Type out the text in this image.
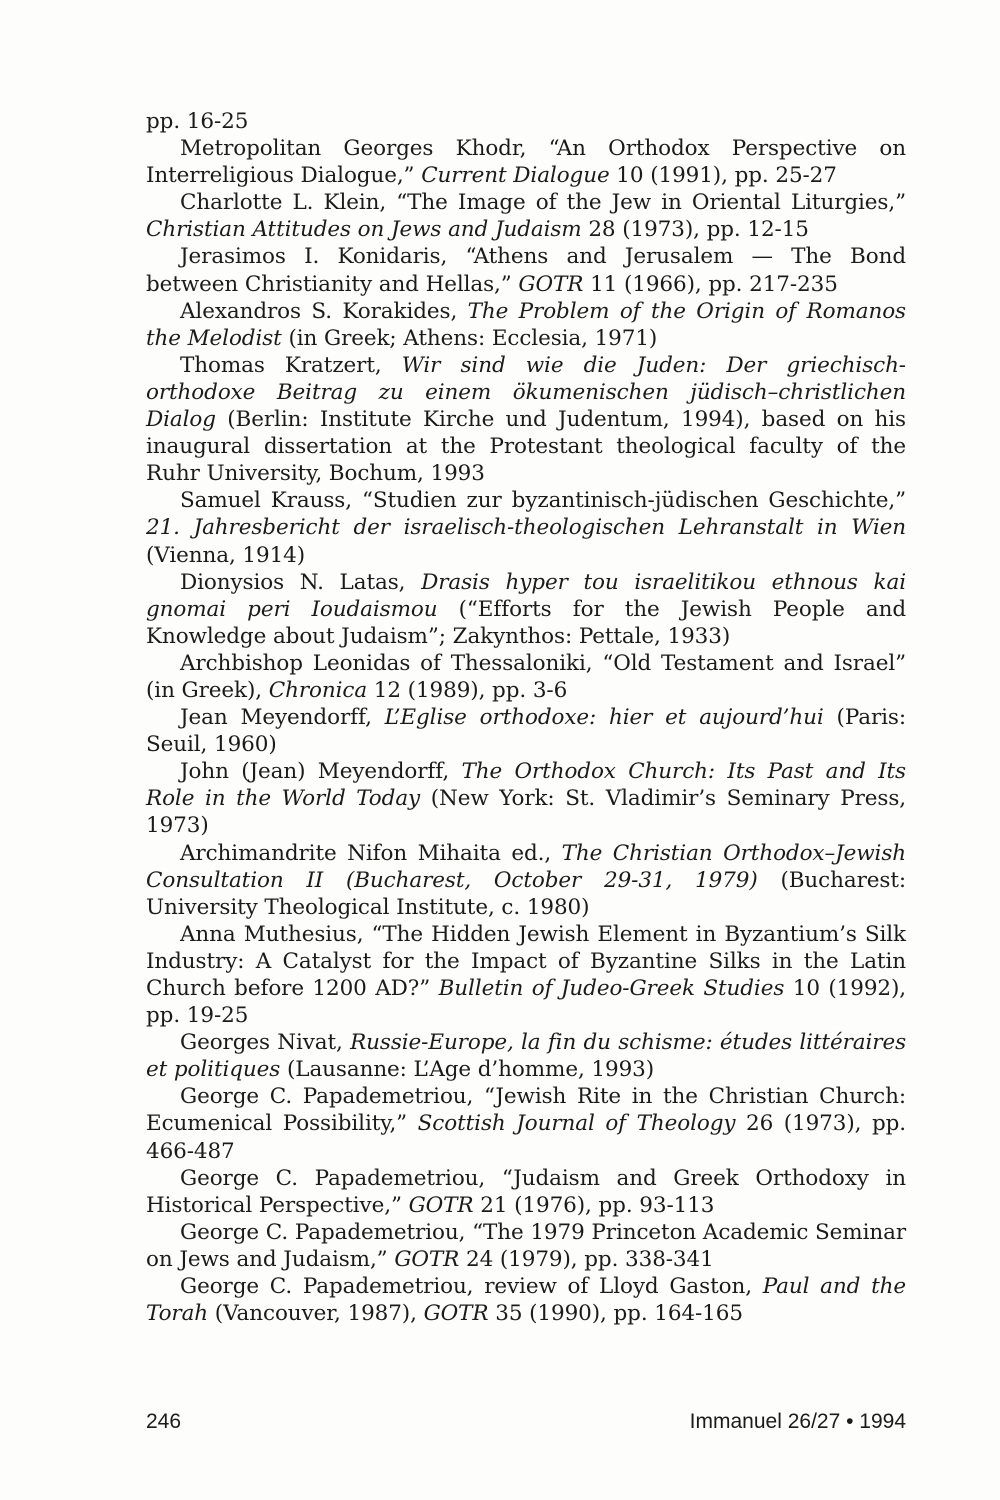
pp. 16-25

Metropolitan Georges Khodr, “An Orthodox Perspective on Interreligious Dialogue,” Current Dialogue 10 (1991), pp. 25-27

Charlotte L. Klein, “The Image of the Jew in Oriental Liturgies,” Christian Attitudes on Jews and Judaism 28 (1973), pp. 12-15

Jerasimos I. Konidaris, “Athens and Jerusalem — The Bond between Christianity and Hellas,” GOTR 11 (1966), pp. 217-235

Alexandros S. Korakides, The Problem of the Origin of Romanos the Melodist (in Greek; Athens: Ecclesia, 1971)

Thomas Kratzert, Wir sind wie die Juden: Der griechisch-orthodoxe Beitrag zu einem ökumenischen jüdisch–christlichen Dialog (Berlin: Institute Kirche und Judentum, 1994), based on his inaugural dissertation at the Protestant theological faculty of the Ruhr University, Bochum, 1993

Samuel Krauss, “Studien zur byzantinisch-jüdischen Geschichte,” 21. Jahresbericht der israelisch-theologischen Lehranstalt in Wien (Vienna, 1914)

Dionysios N. Latas, Drasis hyper tou israelitikou ethnous kai gnomai peri Ioudaismou (“Efforts for the Jewish People and Knowledge about Judaism”; Zakynthos: Pettale, 1933)

Archbishop Leonidas of Thessaloniki, “Old Testament and Israel” (in Greek), Chronica 12 (1989), pp. 3-6

Jean Meyendorff, L’Eglise orthodoxe: hier et aujourd’hui (Paris: Seuil, 1960)

John (Jean) Meyendorff, The Orthodox Church: Its Past and Its Role in the World Today (New York: St. Vladimir’s Seminary Press, 1973)

Archimandrite Nifon Mihaita ed., The Christian Orthodox–Jewish Consultation II (Bucharest, October 29-31, 1979) (Bucharest: University Theological Institute, c. 1980)

Anna Muthesius, “The Hidden Jewish Element in Byzantium’s Silk Industry: A Catalyst for the Impact of Byzantine Silks in the Latin Church before 1200 AD?” Bulletin of Judeo-Greek Studies 10 (1992), pp. 19-25

Georges Nivat, Russie-Europe, la fin du schisme: études littéraires et politiques (Lausanne: L’Age d’homme, 1993)

George C. Papademetriou, “Jewish Rite in the Christian Church: Ecumenical Possibility,” Scottish Journal of Theology 26 (1973), pp. 466-487

George C. Papademetriou, “Judaism and Greek Orthodoxy in Historical Perspective,” GOTR 21 (1976), pp. 93-113

George C. Papademetriou, “The 1979 Princeton Academic Seminar on Jews and Judaism,” GOTR 24 (1979), pp. 338-341

George C. Papademetriou, review of Lloyd Gaston, Paul and the Torah (Vancouver, 1987), GOTR 35 (1990), pp. 164-165

246	Immanuel 26/27 • 1994
